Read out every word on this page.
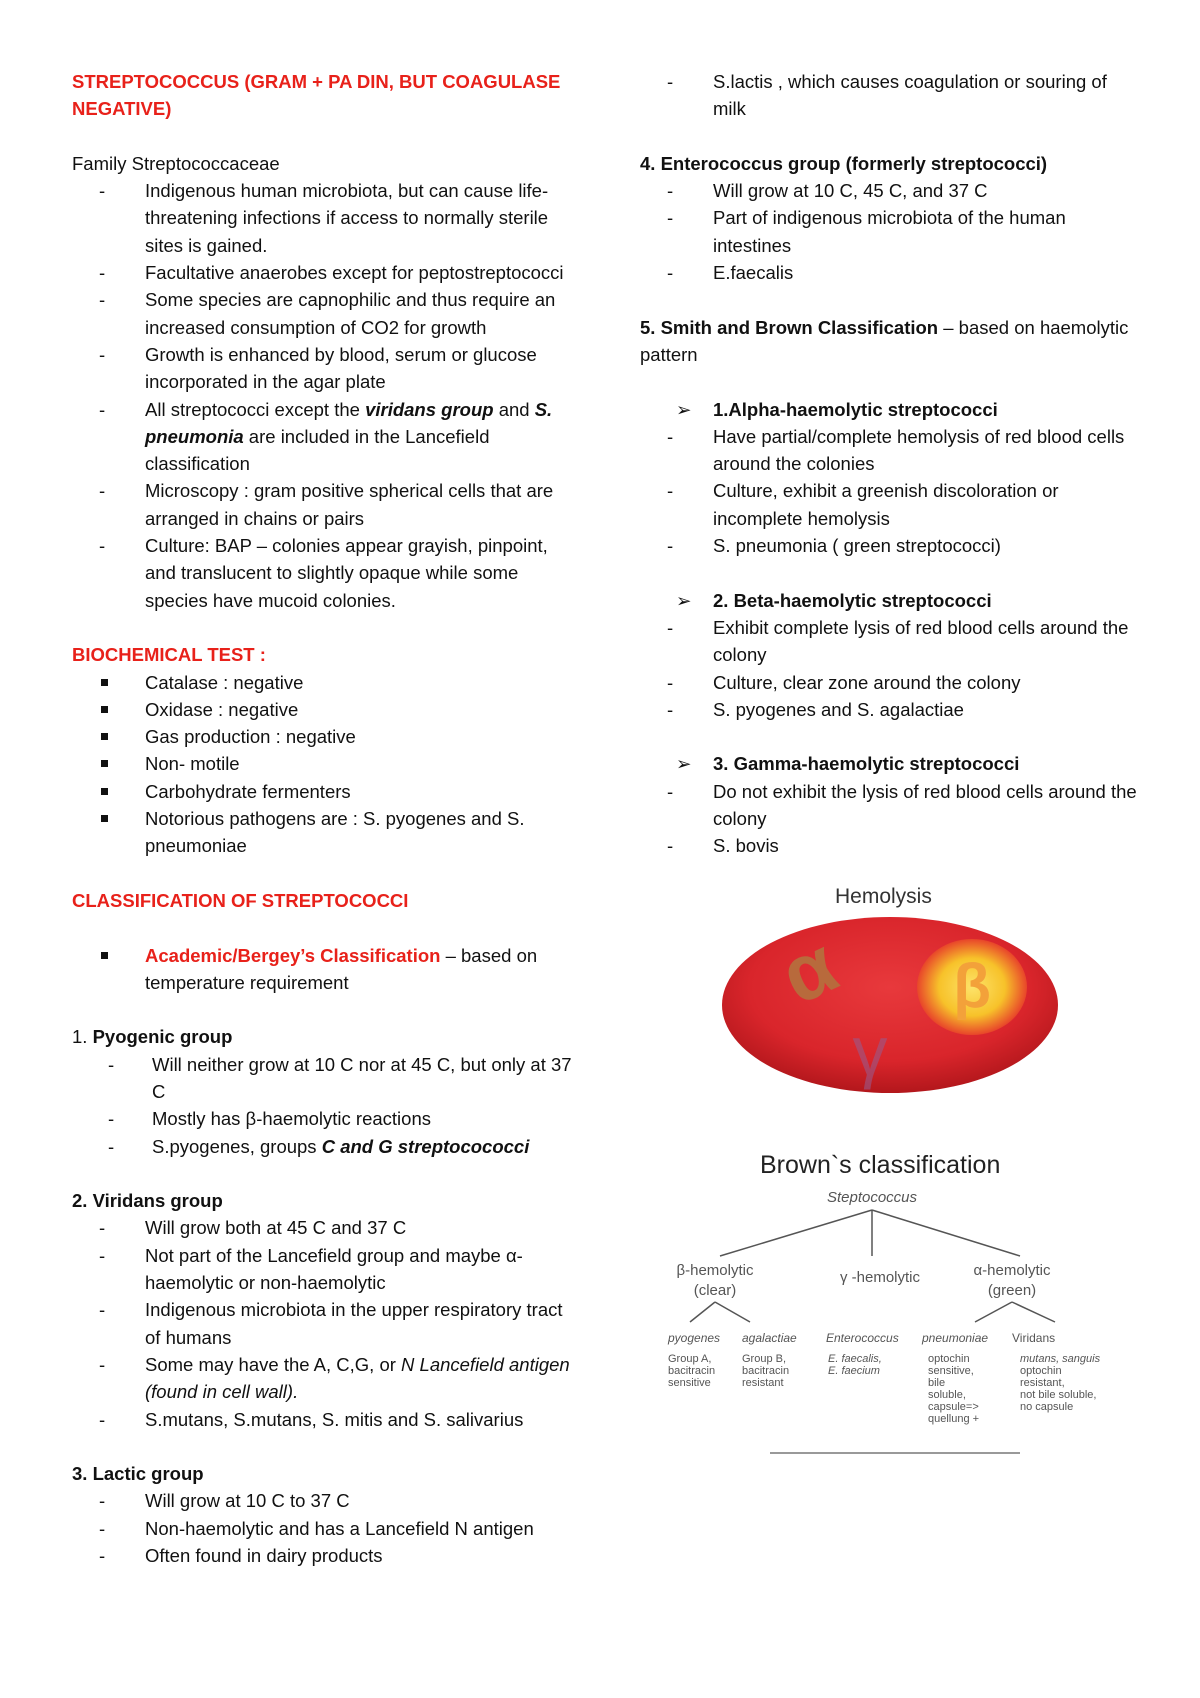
STREPTOCOCCUS (GRAM + PA DIN, BUT COAGULASE NEGATIVE)
Family Streptococcaceae
- Indigenous human microbiota, but can cause life-threatening infections if access to normally sterile sites is gained.
- Facultative anaerobes except for peptostreptococci
- Some species are capnophilic and thus require an increased consumption of CO2 for growth
- Growth is enhanced by blood, serum or glucose incorporated in the agar plate
- All streptococci except the viridans group and S. pneumonia are included in the Lancefield classification
- Microscopy : gram positive spherical cells that are arranged in chains or pairs
- Culture: BAP – colonies appear grayish, pinpoint, and translucent to slightly opaque while some species have mucoid colonies.
BIOCHEMICAL TEST :
Catalase : negative
Oxidase : negative
Gas production : negative
Non- motile
Carbohydrate fermenters
Notorious pathogens are : S. pyogenes and S. pneumoniae
CLASSIFICATION OF STREPTOCOCCI
Academic/Bergey’s Classification – based on temperature requirement
1. Pyogenic group
- Will neither grow at 10 C nor at 45 C, but only at 37 C
- Mostly has β-haemolytic reactions
- S.pyogenes, groups C and G streptocococci
2. Viridans group
- Will grow both at 45 C and 37 C
- Not part of the Lancefield group and maybe α-haemolytic or non-haemolytic
- Indigenous microbiota in the upper respiratory tract of humans
- Some may have the A, C,G, or N Lancefield antigen (found in cell wall).
- S.mutans, S.mutans, S. mitis and S. salivarius
3. Lactic group
- Will grow at 10 C to 37 C
- Non-haemolytic and has a Lancefield N antigen
- Often found in dairy products
- S.lactis , which causes coagulation or souring of milk
4. Enterococcus group (formerly streptococci)
- Will grow at 10 C, 45 C, and 37 C
- Part of indigenous microbiota of the human intestines
- E.faecalis
5. Smith and Brown Classification – based on haemolytic pattern
➢ 1.Alpha-haemolytic streptococci
- Have partial/complete hemolysis of red blood cells around the colonies
- Culture, exhibit a greenish discoloration or incomplete hemolysis
- S. pneumonia ( green streptococci)
➢ 2. Beta-haemolytic streptococci
- Exhibit complete lysis of red blood cells around the colony
- Culture, clear zone around the colony
- S. pyogenes and S. agalactiae
➢ 3. Gamma-haemolytic streptococci
- Do not exhibit the lysis of red blood cells around the colony
- S. bovis
Hemolysis
β
α
γ
Brown`s classification
Steptococcus
β-hemolytic
(clear)
γ -hemolytic	α-hemolytic
(green)
pyogenes agalactiae Enterococcus pneumoniae Viridans
Group A,
bacitracin
sensitive
Group B,
bacitracin
resistant
E. faecalis,
E. faecium
optochin
sensitive,
bile
soluble,
capsule=>
quellung +
mutans, sanguis
optochin
resistant,
not bile soluble,
no capsule
